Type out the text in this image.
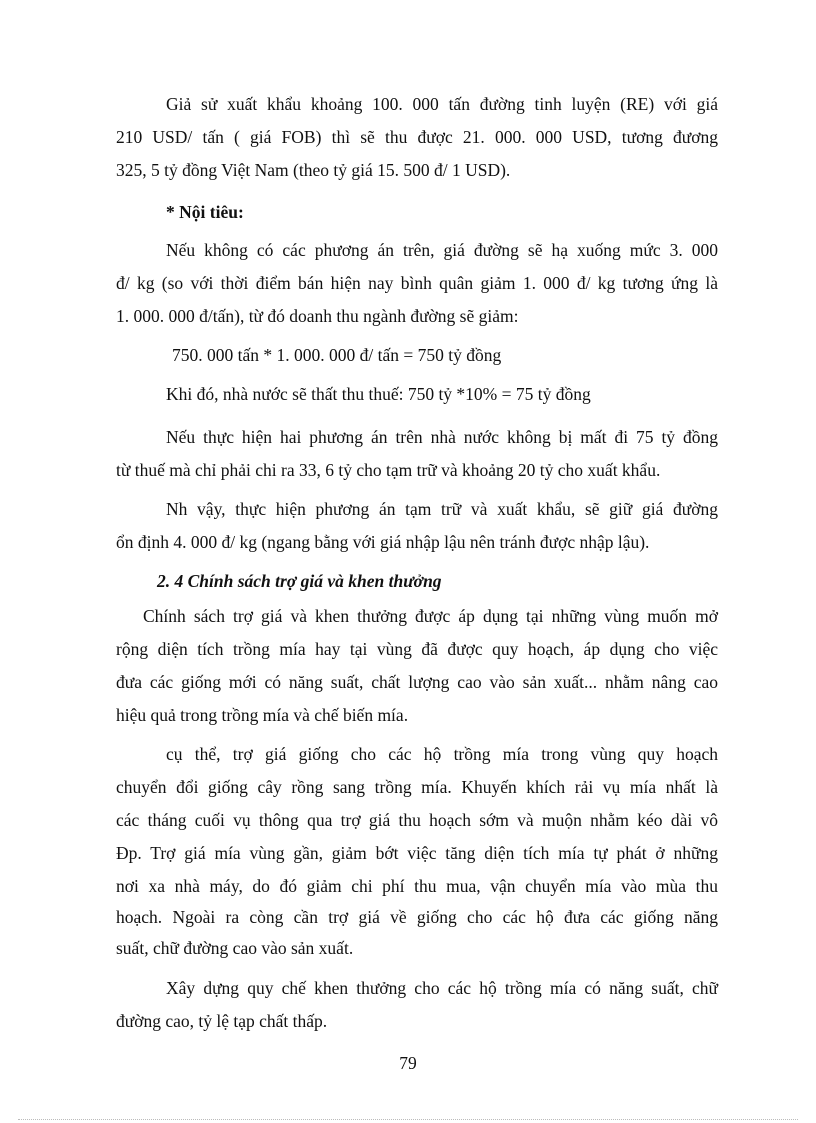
Giả sử xuất khẩu khoảng 100. 000 tấn đường tinh luyện (RE) với giá

210 USD/ tấn ( giá FOB) thì sẽ thu được 21. 000. 000 USD, tương đương

325, 5 tỷ đồng Việt Nam (theo tỷ giá 15. 500 đ/ 1 USD).

* Nội tiêu:

Nếu không có các phương án trên, giá đường sẽ hạ xuống mức 3. 000

đ/ kg (so với thời điểm bán hiện nay bình quân giảm 1. 000 đ/ kg tương ứng là

1. 000. 000 đ/tấn), từ đó doanh thu ngành đường sẽ giảm:

750. 000 tấn * 1. 000. 000 đ/ tấn = 750 tỷ đồng

Khi đó, nhà nước sẽ thất thu thuế: 750 tỷ *10% = 75 tỷ đồng

Nếu thực hiện hai phương án trên nhà nước không bị mất đi 75 tỷ đồng

từ thuế mà chỉ phải chi ra 33, 6 tỷ cho tạm trữ và khoảng 20 tỷ cho xuất khẩu.

Nh vậy, thực hiện phương án tạm trữ và xuất khẩu, sẽ giữ giá đường

ổn định 4. 000 đ/ kg (ngang bằng với giá nhập lậu nên tránh được nhập lậu).

2. 4 Chính sách trợ giá và khen thưởng

Chính sách trợ giá và khen thưởng được áp dụng tại những vùng muốn mở

rộng diện tích trồng mía hay tại vùng đã được quy hoạch, áp dụng cho việc

đưa các giống mới có năng suất, chất lượng cao vào sản xuất... nhằm nâng cao

hiệu quả trong trồng mía và chế biến mía.

cụ thể, trợ giá giống cho các hộ trồng mía trong vùng quy hoạch

chuyển đổi giống cây rồng sang trồng mía. Khuyến khích rải vụ mía nhất là

các tháng cuối vụ thông qua trợ giá thu hoạch sớm và muộn nhằm kéo dài vô

Đp. Trợ giá mía vùng gần, giảm bớt việc tăng diện tích mía tự phát ở những

nơi xa nhà máy, do đó giảm chi phí thu mua, vận chuyển mía vào mùa thu

hoạch. Ngoài ra còng cần trợ giá về giống cho các hộ đưa các giống năng

suất, chữ đường cao vào sản xuất.

Xây dựng quy chế khen thưởng cho các hộ trồng mía có năng suất, chữ

đường cao, tỷ lệ tạp chất thấp.

79
